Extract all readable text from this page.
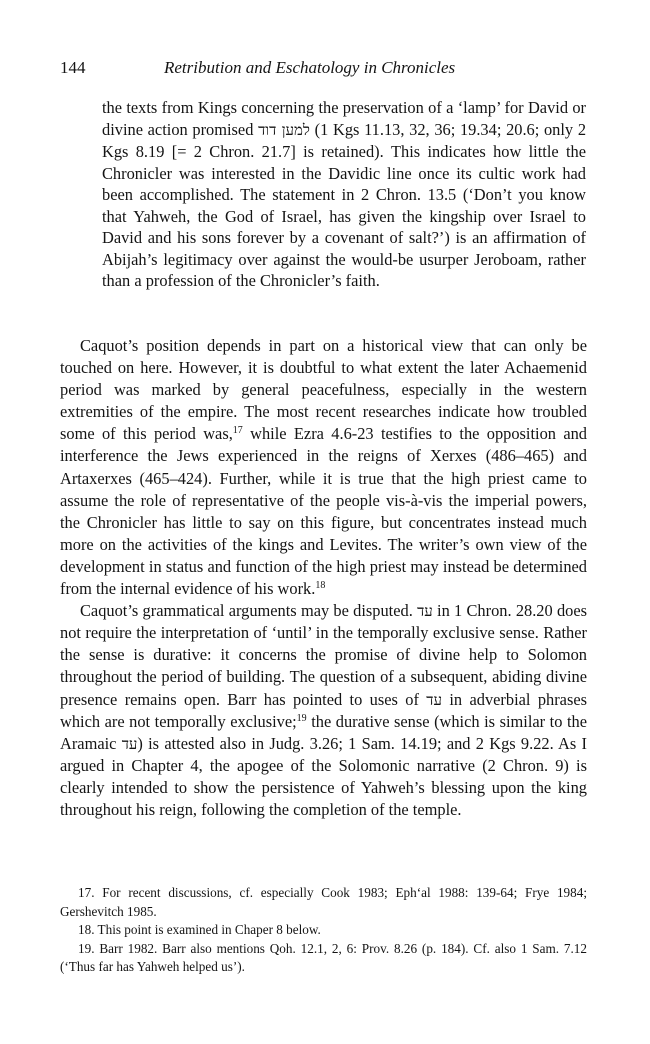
144	Retribution and Eschatology in Chronicles
the texts from Kings concerning the preservation of a ‘lamp’ for David or divine action promised למען דוד (1 Kgs 11.13, 32, 36; 19.34; 20.6; only 2 Kgs 8.19 [= 2 Chron. 21.7] is retained). This indicates how little the Chronicler was interested in the Davidic line once its cultic work had been accomplished. The statement in 2 Chron. 13.5 (‘Don’t you know that Yahweh, the God of Israel, has given the kingship over Israel to David and his sons forever by a covenant of salt?’) is an affirmation of Abijah’s legitimacy over against the would-be usurper Jeroboam, rather than a profession of the Chronicler’s faith.

Caquot’s position depends in part on a historical view that can only be touched on here. However, it is doubtful to what extent the later Achaemenid period was marked by general peacefulness, especially in the western extremities of the empire. The most recent researches indicate how troubled some of this period was,$^{17}$ while Ezra 4.6-23 testifies to the opposition and interference the Jews experienced in the reigns of Xerxes (486–465) and Artaxerxes (465–424). Further, while it is true that the high priest came to assume the role of representative of the people vis-à-vis the imperial powers, the Chronicler has little to say on this figure, but concentrates instead much more on the activities of the kings and Levites. The writer’s own view of the development in status and function of the high priest may instead be determined from the internal evidence of his work.$^{18}$

Caquot’s grammatical arguments may be disputed. עד in 1 Chron. 28.20 does not require the interpretation of ‘until’ in the temporally exclusive sense. Rather the sense is durative: it concerns the promise of divine help to Solomon throughout the period of building. The question of a subsequent, abiding divine presence remains open. Barr has pointed to uses of עד in adverbial phrases which are not temporally exclusive;$^{19}$ the durative sense (which is similar to the Aramaic עד) is attested also in Judg. 3.26; 1 Sam. 14.19; and 2 Kgs 9.22. As I argued in Chapter 4, the apogee of the Solomonic narrative (2 Chron. 9) is clearly intended to show the persistence of Yahweh’s blessing upon the king throughout his reign, following the completion of the temple.

17. For recent discussions, cf. especially Cook 1983; Eph‘al 1988: 139-64; Frye 1984; Gershevitch 1985.

18. This point is examined in Chaper 8 below.

19. Barr 1982. Barr also mentions Qoh. 12.1, 2, 6: Prov. 8.26 (p. 184). Cf. also 1 Sam. 7.12 (‘Thus far has Yahweh helped us’).
